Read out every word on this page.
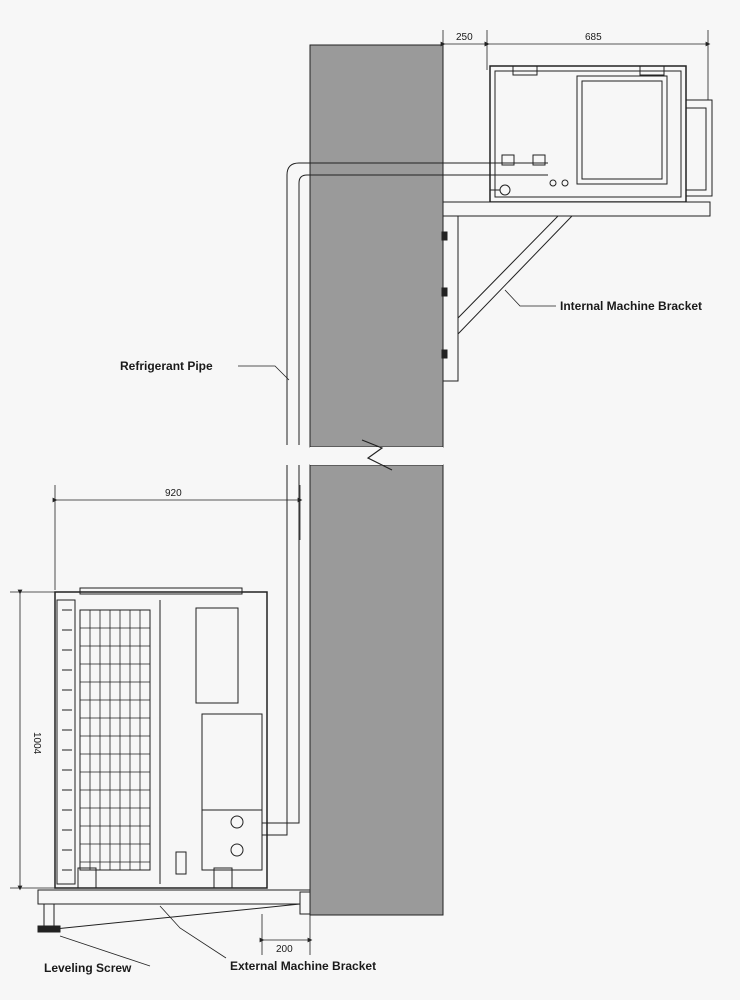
250	685
920
1004
200
Refrigerant Pipe
Internal Machine Bracket
External Machine Bracket
Leveling Screw
